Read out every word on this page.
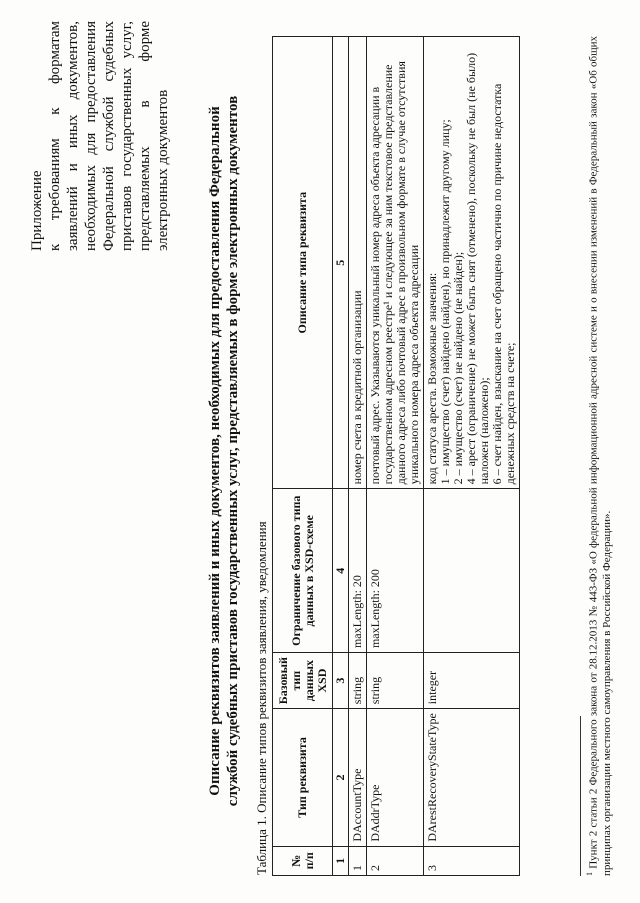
Приложение к требованиям к форматам заявлений и иных документов, необходимых для предоставления Федеральной службой судебных приставов государственных услуг, представляемых в форме электронных документов Описание реквизитов заявлений и иных документов, необходимых для предоставления Федеральной службой судебных приставов государственных услуг, представляемых в форме электронных документов Таблица 1. Описание типов реквизитов заявления, уведомления № п/п	Тип реквизита	Базовый тип данных XSD	Ограничение базового типа данных в XSD-схеме	Описание типа реквизита
1	2	3	4	5
1	DAccountType	string	maxLength: 20	номер счета в кредитной организации
2	DAddrType	string	maxLength: 200	почтовый адрес. Указываются уникальный номер адреса объекта адресации в государственном адресном реестре¹ и следующее за ним текстовое представление данного адреса либо почтовый адрес в произвольном формате в случае отсутствия уникального номера адреса объекта адресации
3	DArestRecoveryStateType	integer		код статуса ареста. Возможные значения: 1 – имущество (счет) найдено (найден), но принадлежит другому лицу; 2 – имущество (счет) не найдено (не найден); 4 – арест (ограничение) не может быть снят (отменено), поскольку не был (не было) наложен (наложено); 6 – счет найден, взыскание на счет обращено частично по причине недостатка денежных средств на счете;
$^1$ Пункт 2 статьи 2 Федерального закона от 28.12.2013 № 443-ФЗ «О федеральной информационной адресной системе и о внесении изменений в Федеральный закон «Об общих принципах организации местного самоуправления в Российской Федерации».
